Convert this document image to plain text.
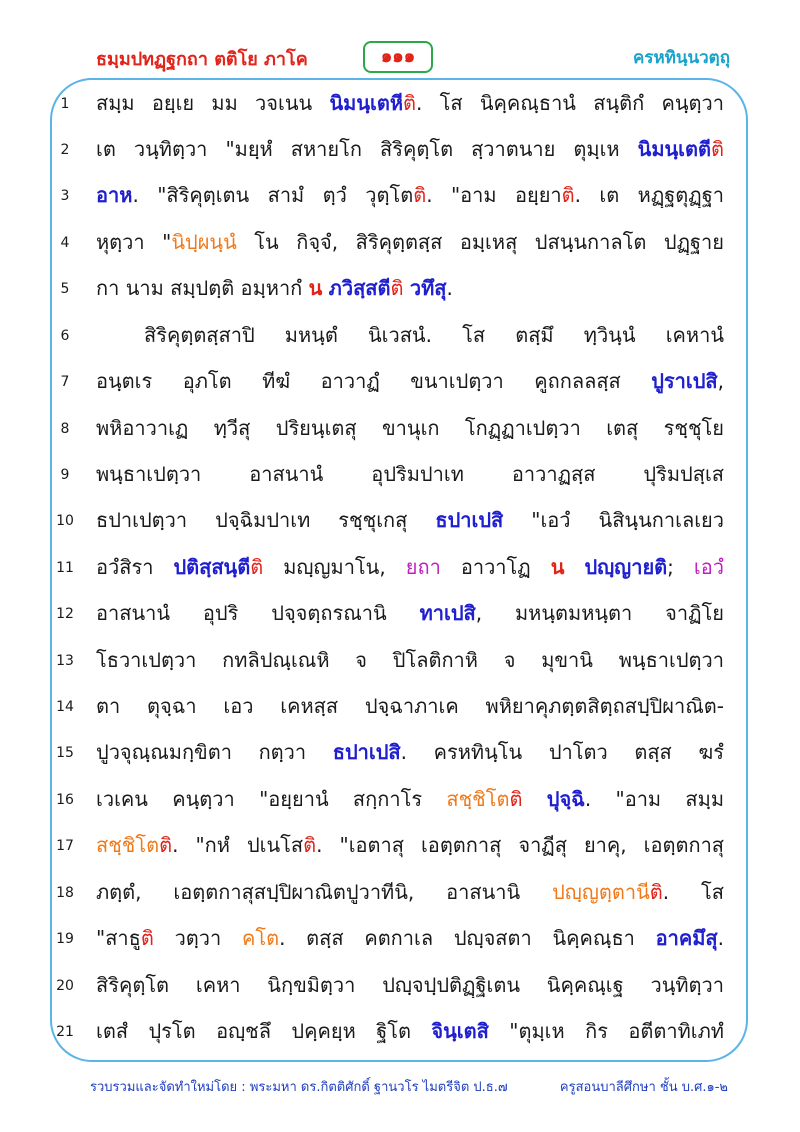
ธมฺมปทฏฺฐกถา ตติโย ภาโค	๑๑๑	ครหทินฺนวตฺถุ
1
2
3
4
5
6
7
8
9
10
11
12
13
14
15
16
17
18
19
20
21
สมฺม อยฺเย มม วจเนน นิมนฺเตหีติ. โส นิคฺคณฺธานํ สนฺติกํ คนฺตฺวา
เต วนฺทิตฺวา "มยฺหํ สหายโก สิริคุตฺโต สฺวาตนาย ตุมฺเห นิมนฺเตตีติ
อาห. "สิริคุตฺเตน สามํ ตฺวํ วุตฺโตติ. "อาม อยฺยาติ. เต หฏฺฐตุฏฺฐา
หุตฺวา "นิปฺผนฺนํ โน กิจฺจํ, สิริคุตฺตสฺส อมฺเหสุ ปสนฺนกาลโต ปฏฺฐาย
กา นาม สมฺปตฺติ อมฺหากํ น ภวิสฺสตีติ วทึสุ.
สิริคุตฺตสฺสาปิ มหนฺตํ นิเวสนํ. โส ตสฺมึ ทฺวินฺนํ เคหานํ
อนฺตเร อุภโต ทีฆํ อาวาฏํ ขนาเปตฺวา คูถกลลสฺส ปูราเปสิ,
พหิอาวาเฏ ทฺวีสุ ปริยนฺเตสุ ขานุเก โกฏฺฏาเปตฺวา เตสุ รชฺชุโย
พนฺธาเปตฺวา อาสนานํ อุปริมปาเท อาวาฏสฺส ปุริมปสฺเส
ธปาเปตฺวา ปจฺฉิมปาเท รชฺชุเกสุ ธปาเปสิ "เอวํ นิสินฺนกาเลเยว
อวํสิรา ปติสฺสนฺตีติ มญฺญมาโน, ยถา อาวาโฏ น ปญฺญายติ; เอวํ
อาสนานํ อุปริ ปจฺจตฺถรณานิ ทาเปสิ, มหนฺตมหนฺตา จาฏิโย
โธวาเปตฺวา กทลิปณฺเณหิ จ ปิโลติกาหิ จ มุขานิ พนฺธาเปตฺวา
ตา ตุจฺฉา เอว เคหสฺส ปจฺฉาภาเค พหิยาคุภตฺตสิตฺถสปฺปิผาณิต-
ปูวจุณฺณมกฺขิตา กตฺวา ธปาเปสิ. ครหทินฺโน ปาโตว ตสฺส ฆรํ
เวเคน คนฺตฺวา "อยฺยานํ สกฺกาโร สชฺชิโตติ ปุจฺฉิ. "อาม สมฺม
สชฺชิโตติ. "กหํ ปเนโสติ. "เอตาสุ เอตฺตกาสุ จาฏีสุ ยาคุ, เอตฺตกาสุ
ภตฺตํ, เอตฺตกาสุสปฺปิผาณิตปูวาทีนิ, อาสนานิ ปญฺญตฺตานีติ. โส
"สาธูติ วตฺวา คโต. ตสฺส คตกาเล ปญฺจสตา นิคฺคณฺธา อาคมึสุ.
สิริคุตฺโต เคหา นิกฺขมิตฺวา ปญฺจปฺปติฏฺฐิเตน นิคฺคณฺเฐ วนฺทิตฺวา
เตสํ ปุรโต อญฺชลึ ปคฺคยฺห ฐิโต จินฺเตสิ "ตุมฺเห กิร อตีตาทิเภทํ
รวบรวมและจัดทำใหม่โดย : พระมหา ดร.กิตติศักดิ์ ฐานวโร ไมตรีจิต ป.ธ.๗	ครูสอนบาลีศึกษา ชั้น บ.ศ.๑-๒
